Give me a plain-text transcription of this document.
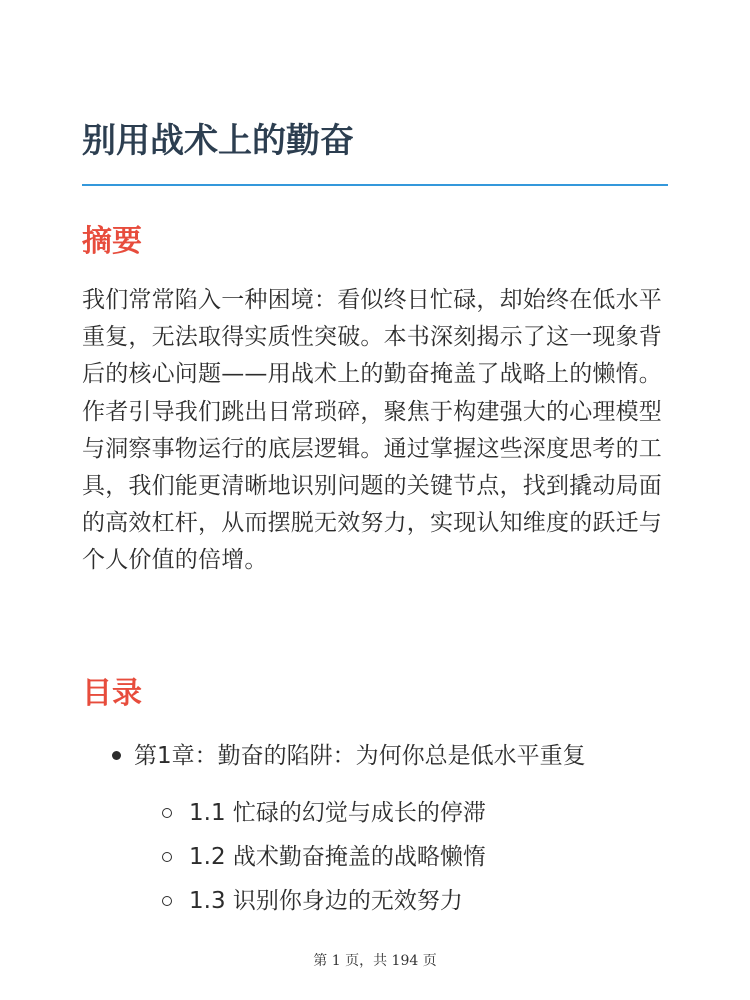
别用战术上的勤奋
摘要

我们常常陷入一种困境：看似终日忙碌，却始终在低水平重复，无法取得实质性突破。本书深刻揭示了这一现象背后的核心问题——用战术上的勤奋掩盖了战略上的懒惰。作者引导我们跳出日常琐碎，聚焦于构建强大的心理模型与洞察事物运行的底层逻辑。通过掌握这些深度思考的工具，我们能更清晰地识别问题的关键节点，找到撬动局面的高效杠杆，从而摆脱无效努力，实现认知维度的跃迁与个人价值的倍增。

目录
第1章：勤奋的陷阱：为何你总是低水平重复
1.1 忙碌的幻觉与成长的停滞
1.2 战术勤奋掩盖的战略懒惰
1.3 识别你身边的无效努力
第 1 页，共 194 页
